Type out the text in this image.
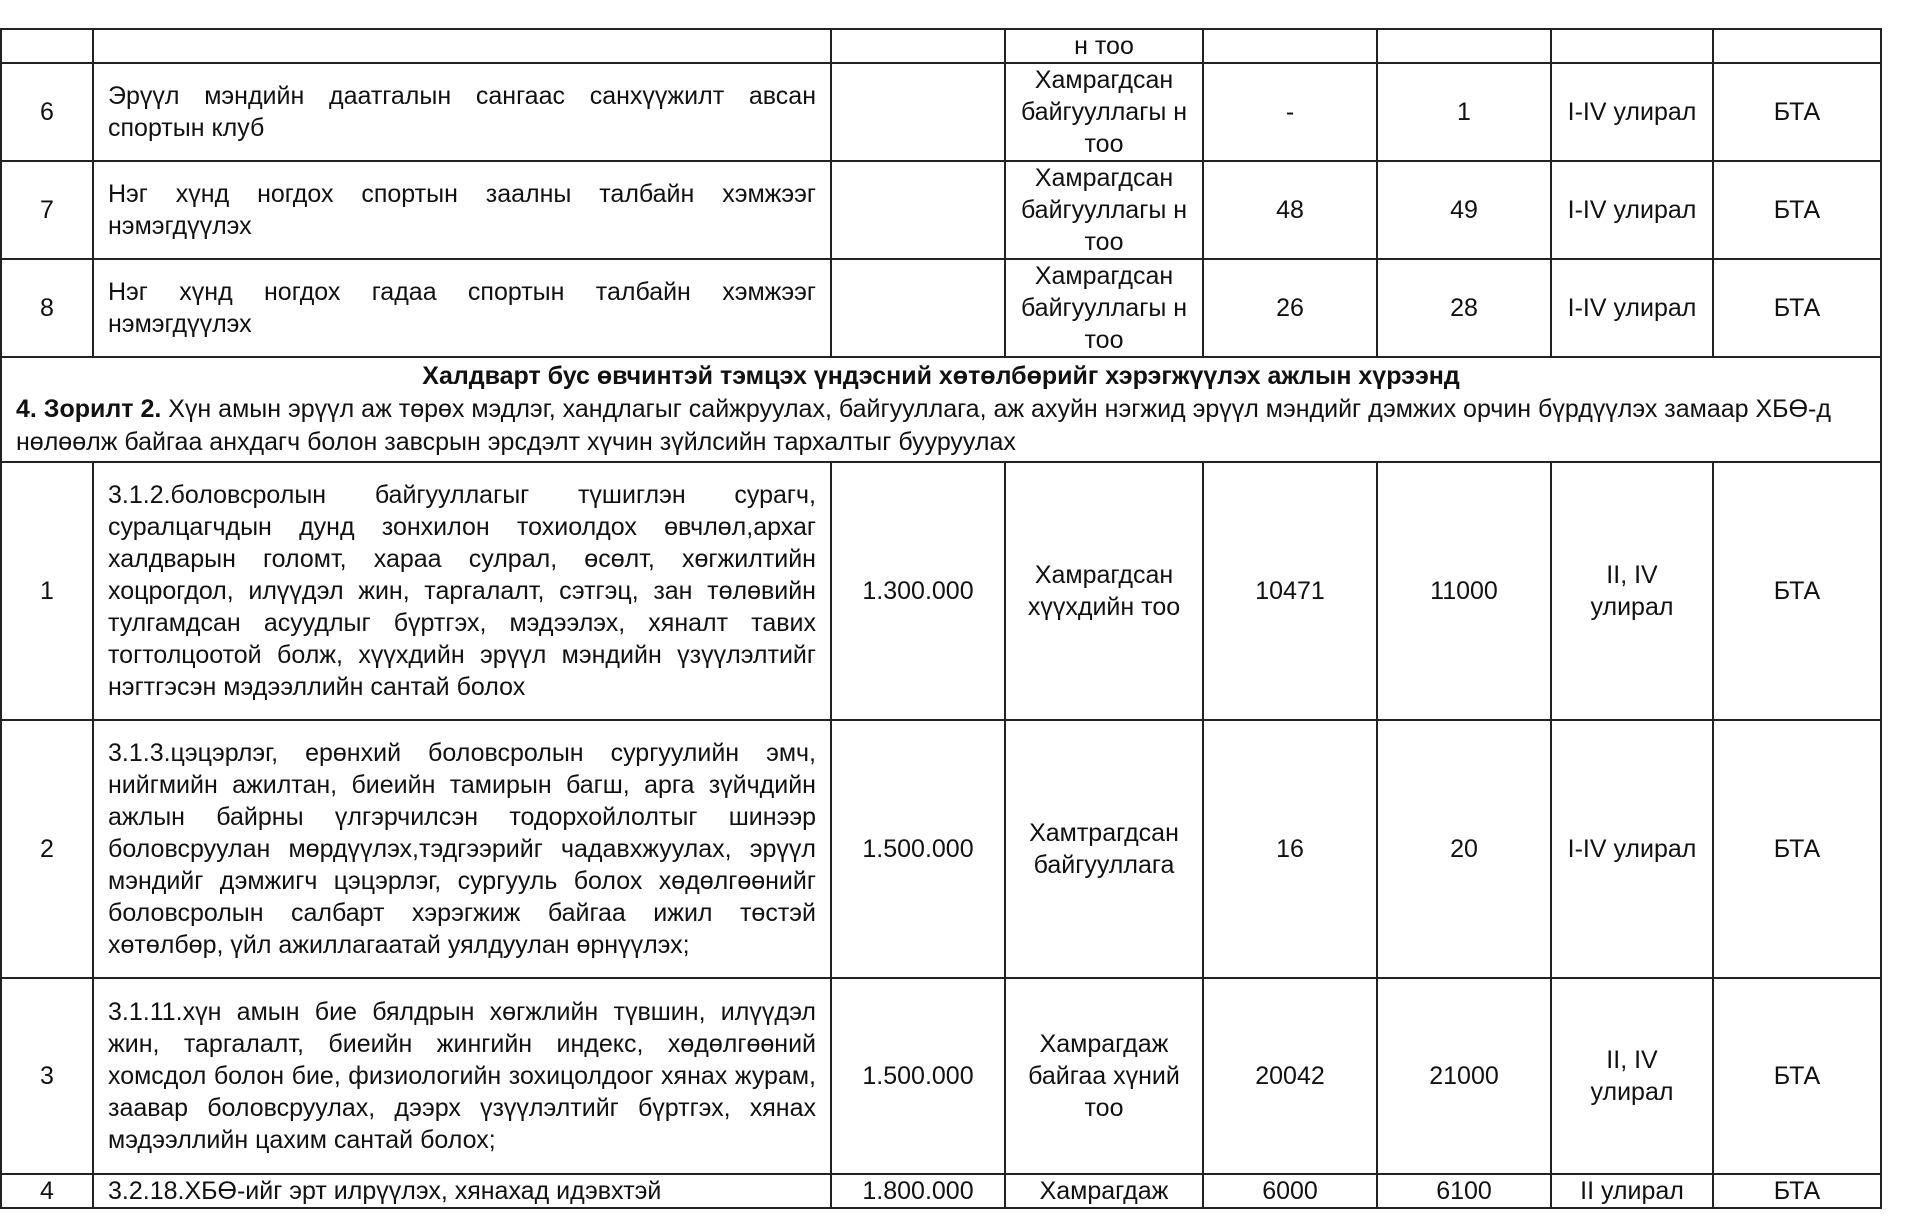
			н тоо				
6	Эрүүл мэндийн даатгалын сангаас санхүүжилт авсан спортын клуб		Хамрагдсан байгууллагы н тоо	-	1	I-IV улирал	БТА
7	Нэг хүнд ногдох спортын заалны талбайн хэмжээг нэмэгдүүлэх		Хамрагдсан байгууллагы н тоо	48	49	I-IV улирал	БТА
8	Нэг хүнд ногдох гадаа спортын талбайн хэмжээг нэмэгдүүлэх		Хамрагдсан байгууллагы н тоо	26	28	I-IV улирал	БТА

Халдварт бус өвчинтэй тэмцэх үндэсний хөтөлбөрийг хэрэгжүүлэх ажлын хүрээнд
4. Зорилт 2. Хүн амын эрүүл аж төрөх мэдлэг, хандлагыг сайжруулах, байгууллага, аж ахуйн нэгжид эрүүл мэндийг дэмжих орчин бүрдүүлэх замаар ХБӨ-д нөлөөлж байгаа анхдагч болон завсрын эрсдэлт хүчин зүйлсийн тархалтыг бууруулах							
1	3.1.2.боловсролын байгууллагыг түшиглэн сурагч, суралцагчдын дунд зонхилон тохиолдох өвчлөл,архаг халдварын голомт, хараа сулрал, өсөлт, хөгжилтийн хоцрогдол, илүүдэл жин, таргалалт, сэтгэц, зан төлөвийн тулгамдсан асуудлыг бүртгэх, мэдээлэх, хяналт тавих тогтолцоотой болж, хүүхдийн эрүүл мэндийн үзүүлэлтийг нэгтгэсэн мэдээллийн сантай болох	1.300.000	Хамрагдсан хүүхдийн тоо	10471	11000	II, IV улирал	БТА
2	3.1.3.цэцэрлэг, ерөнхий боловсролын сургуулийн эмч, нийгмийн ажилтан, биеийн тамирын багш, арга зүйчдийн ажлын байрны үлгэрчилсэн тодорхойлолтыг шинээр боловсруулан мөрдүүлэх,тэдгээрийг чадавхжуулах, эрүүл мэндийг дэмжигч цэцэрлэг, сургууль болох хөдөлгөөнийг боловсролын салбарт хэрэгжиж байгаа ижил төстэй хөтөлбөр, үйл ажиллагаатай уялдуулан өрнүүлэх;	1.500.000	Хамтрагдсан байгууллага	16	20	I-IV улирал	БТА
3	3.1.11.хүн амын бие бялдрын хөгжлийн түвшин, илүүдэл жин, таргалалт, биеийн жингийн индекс, хөдөлгөөний хомсдол болон бие, физиологийн зохицолдоог хянах журам, заавар боловсруулах, дээрх үзүүлэлтийг бүртгэх, хянах мэдээллийн цахим сантай болох;	1.500.000	Хамрагдаж байгаа хүний тоо	20042	21000	II, IV улирал	БТА
4	3.2.18.ХБӨ-ийг эрт илрүүлэх, хянахад идэвхтэй	1.800.000	Хамрагдаж	6000	6100	II улирал	БТА
